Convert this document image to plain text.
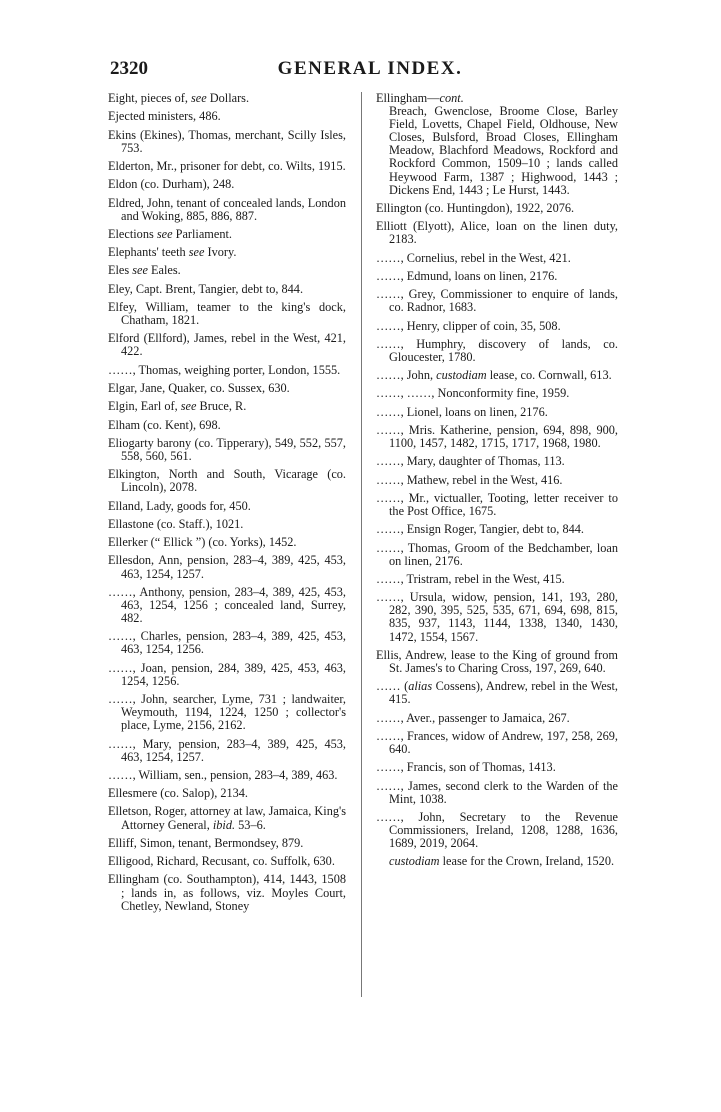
2320	GENERAL INDEX.
Eight, pieces of, see Dollars.
Ejected ministers, 486.
Ekins (Ekines), Thomas, merchant, Scilly Isles, 753.
Elderton, Mr., prisoner for debt, co. Wilts, 1915.
Eldon (co. Durham), 248.
Eldred, John, tenant of concealed lands, London and Woking, 885, 886, 887.
Elections see Parliament.
Elephants' teeth see Ivory.
Eles see Eales.
Eley, Capt. Brent, Tangier, debt to, 844.
Elfey, William, teamer to the king's dock, Chatham, 1821.
Elford (Ellford), James, rebel in the West, 421, 422.
……, Thomas, weighing porter, London, 1555.
Elgar, Jane, Quaker, co. Sussex, 630.
Elgin, Earl of, see Bruce, R.
Elham (co. Kent), 698.
Eliogarty barony (co. Tipperary), 549, 552, 557, 558, 560, 561.
Elkington, North and South, Vicarage (co. Lincoln), 2078.
Elland, Lady, goods for, 450.
Ellastone (co. Staff.), 1021.
Ellerker (“ Ellick ”) (co. Yorks), 1452.
Ellesdon, Ann, pension, 283–4, 389, 425, 453, 463, 1254, 1257.
……, Anthony, pension, 283–4, 389, 425, 453, 463, 1254, 1256 ; concealed land, Surrey, 482.
……, Charles, pension, 283–4, 389, 425, 453, 463, 1254, 1256.
……, Joan, pension, 284, 389, 425, 453, 463, 1254, 1256.
……, John, searcher, Lyme, 731 ; landwaiter, Weymouth, 1194, 1224, 1250 ; collector's place, Lyme, 2156, 2162.
……, Mary, pension, 283–4, 389, 425, 453, 463, 1254, 1257.
……, William, sen., pension, 283–4, 389, 463.
Ellesmere (co. Salop), 2134.
Elletson, Roger, attorney at law, Jamaica, King's Attorney General, ibid. 53–6.
Elliff, Simon, tenant, Bermondsey, 879.
Elligood, Richard, Recusant, co. Suffolk, 630.
Ellingham (co. Southampton), 414, 1443, 1508 ; lands in, as follows, viz. Moyles Court, Chetley, Newland, Stoney
Ellingham—cont.
Breach, Gwenclose, Broome Close, Barley Field, Lovetts, Chapel Field, Oldhouse, New Closes, Bulsford, Broad Closes, Ellingham Meadow, Blachford Meadows, Rockford and Rockford Common, 1509–10 ; lands called Heywood Farm, 1387 ; Highwood, 1443 ; Dickens End, 1443 ; Le Hurst, 1443.
Ellington (co. Huntingdon), 1922, 2076.
Elliott (Elyott), Alice, loan on the linen duty, 2183.
……, Cornelius, rebel in the West, 421.
……, Edmund, loans on linen, 2176.
……, Grey, Commissioner to enquire of lands, co. Radnor, 1683.
……, Henry, clipper of coin, 35, 508.
……, Humphry, discovery of lands, co. Gloucester, 1780.
……, John, custodiam lease, co. Cornwall, 613.
……, ……, Nonconformity fine, 1959.
……, Lionel, loans on linen, 2176.
……, Mris. Katherine, pension, 694, 898, 900, 1100, 1457, 1482, 1715, 1717, 1968, 1980.
……, Mary, daughter of Thomas, 113.
……, Mathew, rebel in the West, 416.
……, Mr., victualler, Tooting, letter receiver to the Post Office, 1675.
……, Ensign Roger, Tangier, debt to, 844.
……, Thomas, Groom of the Bedchamber, loan on linen, 2176.
……, Tristram, rebel in the West, 415.
……, Ursula, widow, pension, 141, 193, 280, 282, 390, 395, 525, 535, 671, 694, 698, 815, 835, 937, 1143, 1144, 1338, 1340, 1430, 1472, 1554, 1567.
Ellis, Andrew, lease to the King of ground from St. James's to Charing Cross, 197, 269, 640.
…… (alias Cossens), Andrew, rebel in the West, 415.
……, Aver., passenger to Jamaica, 267.
……, Frances, widow of Andrew, 197, 258, 269, 640.
……, Francis, son of Thomas, 1413.
……, James, second clerk to the Warden of the Mint, 1038.
……, John, Secretary to the Revenue Commissioners, Ireland, 1208, 1288, 1636, 1689, 2019, 2064.
custodiam lease for the Crown, Ireland, 1520.
